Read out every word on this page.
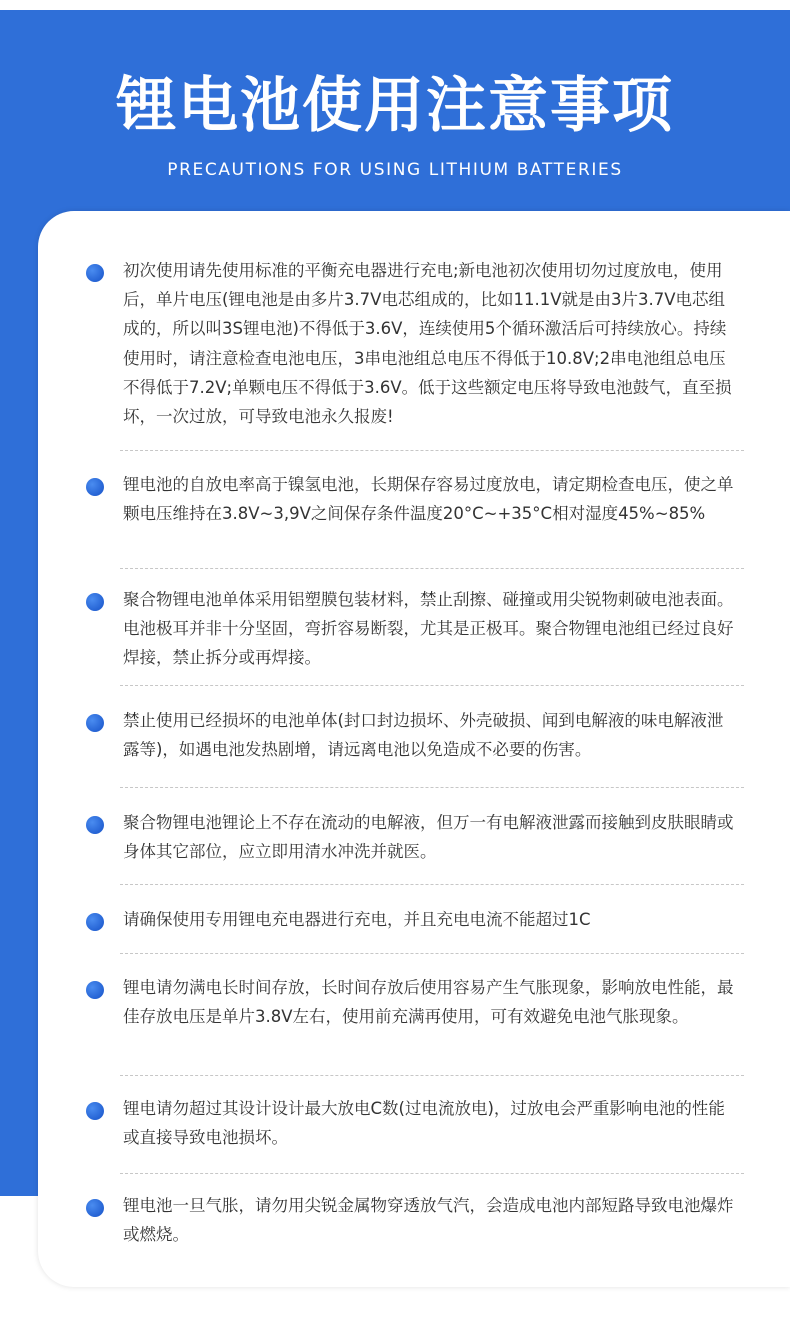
锂电池使用注意事项
PRECAUTIONS FOR USING LITHIUM BATTERIES

初次使用请先使用标准的平衡充电器进行充电;新电池初次使用切勿过度放电，使用后，单片电压(锂电池是由多片3.7V电芯组成的，比如11.1V就是由3片3.7V电芯组成的，所以叫3S锂电池)不得低于3.6V，连续使用5个循环激活后可持续放心。持续使用时，请注意检查电池电压，3串电池组总电压不得低于10.8V;2串电池组总电压不得低于7.2V;单颗电压不得低于3.6V。低于这些额定电压将导致电池鼓气，直至损坏，一次过放，可导致电池永久报废!

锂电池的自放电率高于镍氢电池，长期保存容易过度放电，请定期检查电压，使之单颗电压维持在3.8V~3,9V之间保存条件温度20°C~+35°C相对湿度45%~85%

聚合物锂电池单体采用铝塑膜包装材料，禁止刮擦、碰撞或用尖锐物刺破电池表面。电池极耳并非十分坚固，弯折容易断裂，尤其是正极耳。聚合物锂电池组已经过良好焊接，禁止拆分或再焊接。

禁止使用已经损坏的电池单体(封口封边损坏、外壳破损、闻到电解液的味电解液泄露等)，如遇电池发热剧增，请远离电池以免造成不必要的伤害。

聚合物锂电池锂论上不存在流动的电解液，但万一有电解液泄露而接触到皮肤眼睛或身体其它部位，应立即用清水冲洗并就医。

请确保使用专用锂电充电器进行充电，并且充电电流不能超过1C

锂电请勿满电长时间存放，长时间存放后使用容易产生气胀现象，影响放电性能，最佳存放电压是单片3.8V左右，使用前充满再使用，可有效避免电池气胀现象。

锂电请勿超过其设计设计最大放电C数(过电流放电)，过放电会严重影响电池的性能或直接导致电池损坏。

锂电池一旦气胀，请勿用尖锐金属物穿透放气汽，会造成电池内部短路导致电池爆炸或燃烧。
